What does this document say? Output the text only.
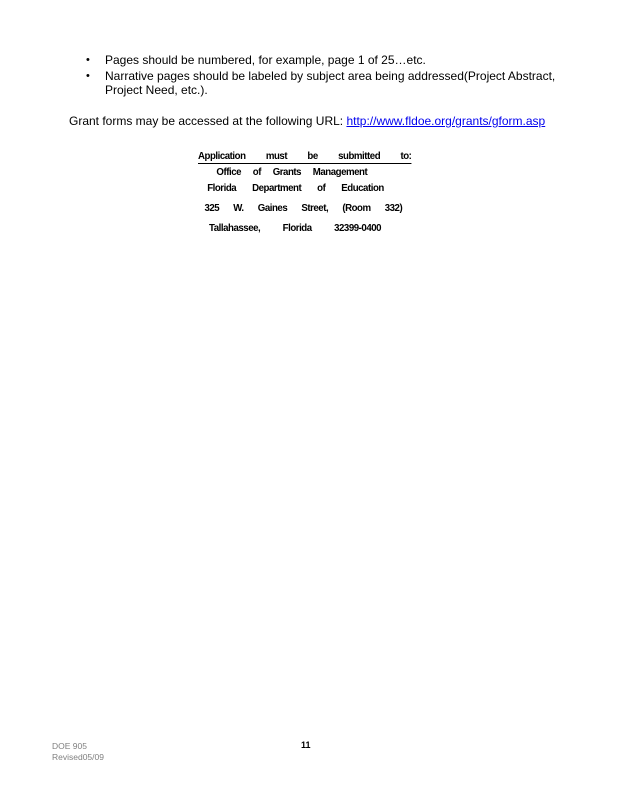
• Pages should be numbered, for example, page 1 of 25…etc.
• Narrative pages should be labeled by subject area being addressed(Project Abstract, Project Need, etc.).
Grant forms may be accessed at the following URL: http://www.fldoe.org/grants/gform.asp
Application must be submitted to:
Office of Grants Management
Florida Department of Education
325 W. Gaines Street, (Room 332)
Tallahassee, Florida 32399-0400
DOE 905
Revised05/09
11
